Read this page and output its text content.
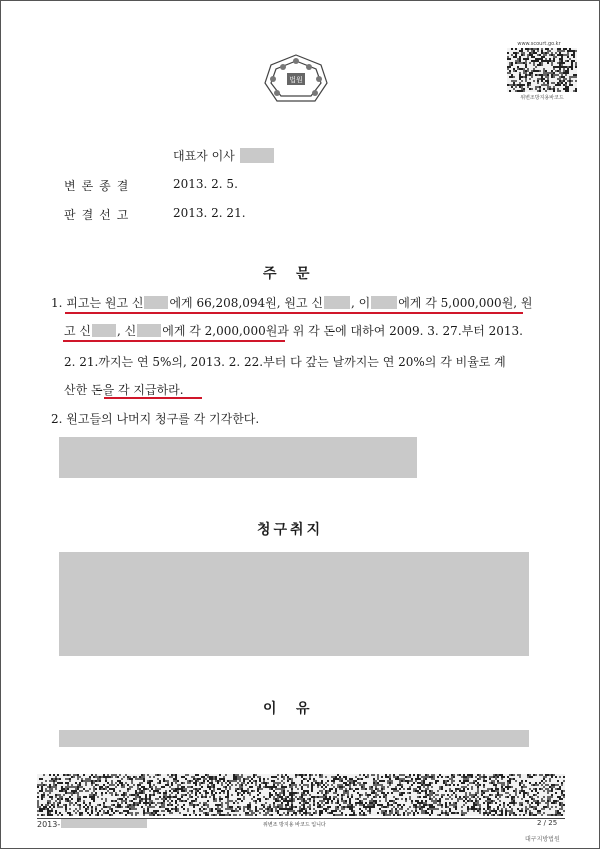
법원
www.scourt.go.kr
위변조방지용바코드
대표자 이사
변론종결	2013. 2. 5.
판결선고	2013. 2. 21.
주    문
1. 피고는 원고 신 에게 66,208,094원, 원고 신 , 이 에게 각 5,000,000원, 원
고 신 , 신 에게 각 2,000,000원과 위 각 돈에 대하여 2009. 3. 27.부터 2013.
2. 21.까지는 연 5%의, 2013. 2. 22.부터 다 갚는 날까지는 연 20%의 각 비율로 계
산한 돈을 각 지급하라.
2. 원고들의 나머지 청구를 각 기각한다.
청구취지
이    유
2013-	위변조 방지용 바코드 입니다	2 / 25
대구지방법원
